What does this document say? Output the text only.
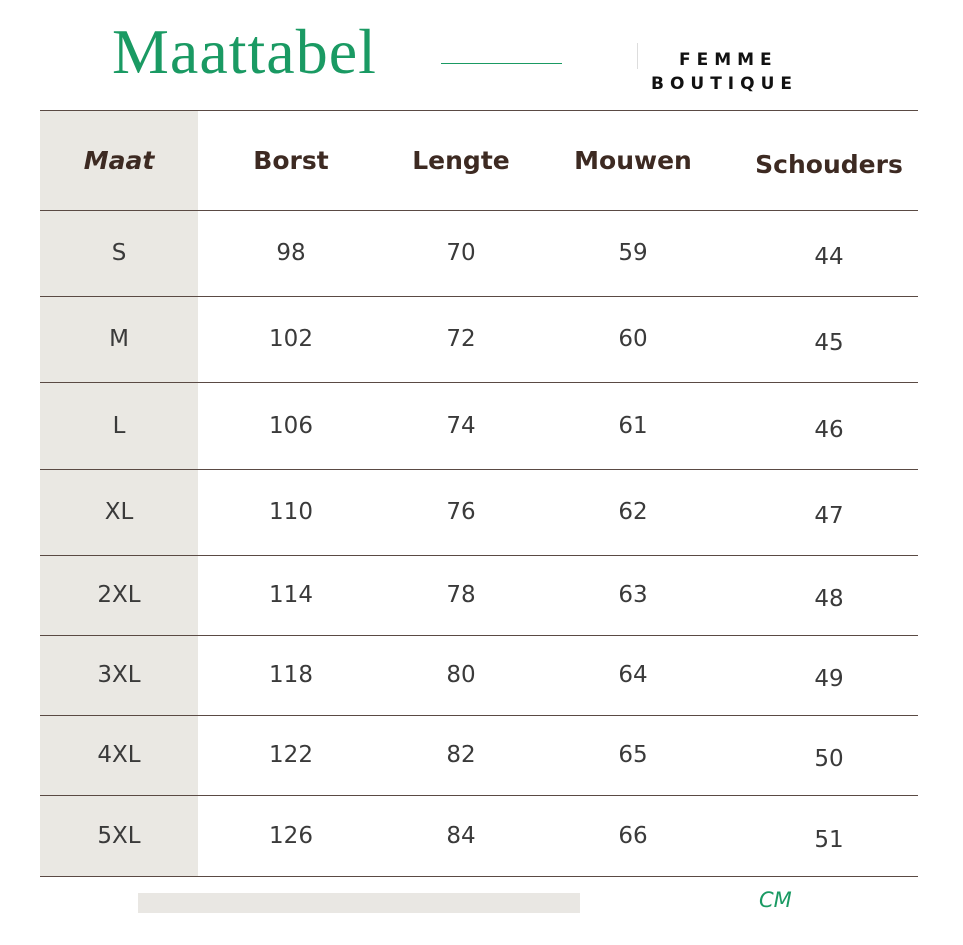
Maattabel	FEMME
BOUTIQUE
Maat	Borst	Lengte	Mouwen	Schouders
S	98	70	59	44
M	102	72	60	45
L	106	74	61	46
XL	110	76	62	47
2XL	114	78	63	48
3XL	118	80	64	49
4XL	122	82	65	50
5XL	126	84	66	51
CM
